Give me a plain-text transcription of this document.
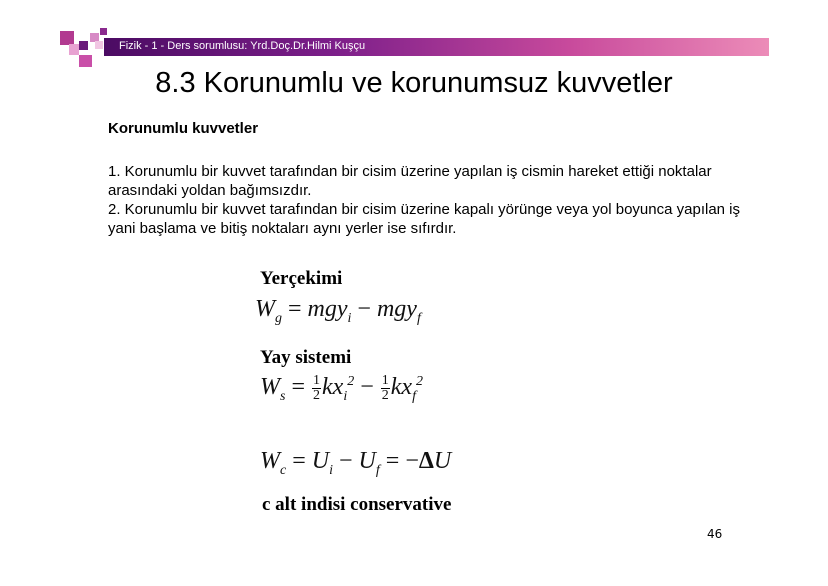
Fizik - 1 - Ders sorumlusu: Yrd.Doç.Dr.Hilmi Kuşçu
8.3 Korunumlu ve korunumsuz kuvvetler
Korunumlu kuvvetler

1. Korunumlu bir kuvvet tarafından bir cisim üzerine yapılan iş cismin hareket ettiği noktalar arasındaki yoldan bağımsızdır.

2. Korunumlu bir kuvvet tarafından bir cisim üzerine kapalı yörünge veya yol boyunca yapılan iş yani başlama ve bitiş noktaları aynı yerler ise sıfırdır.

Yerçekimi
$W_g = mgy_i - mgy_f$
Yay sistemi
$W_s = \frac{1}{2} kx_i^2 - \frac{1}{2} kx_f^2$
$W_c = U_i - U_f = -\Delta U$
c alt indisi conservative
46
